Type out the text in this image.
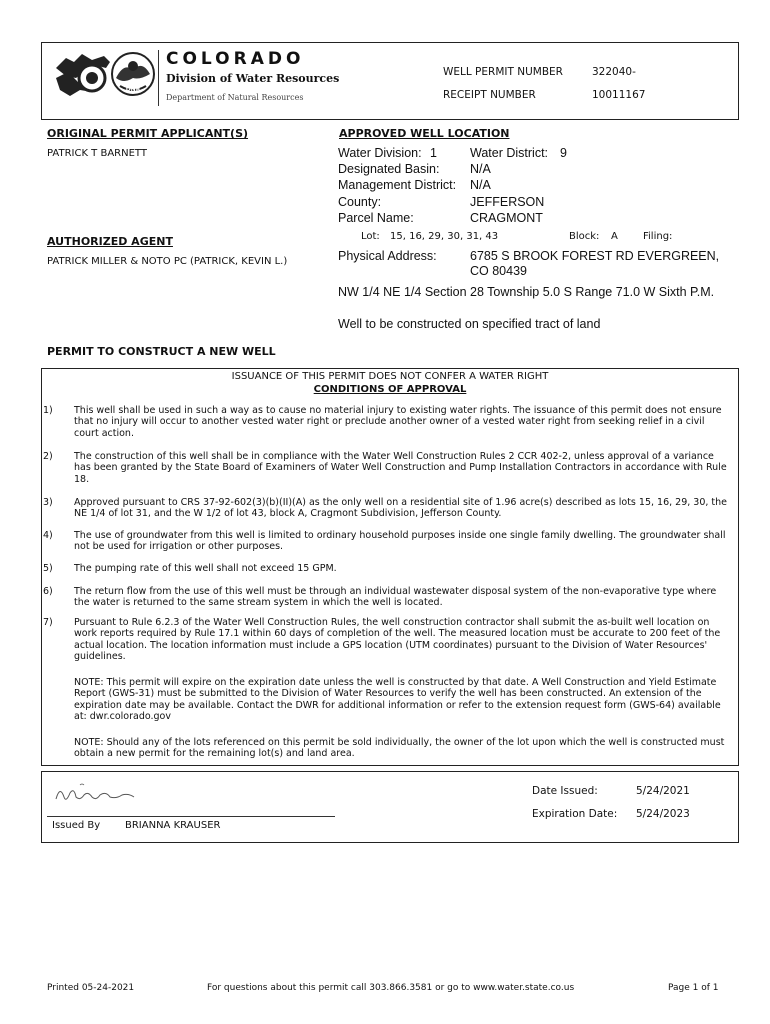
DNR
COLORADO
Division of Water Resources
Department of Natural Resources
WELL PERMIT NUMBER	322040-
RECEIPT NUMBER	10011167
ORIGINAL PERMIT APPLICANT(S)
PATRICK T BARNETT
AUTHORIZED AGENT
PATRICK MILLER & NOTO PC (PATRICK, KEVIN L.)
APPROVED WELL LOCATION
Water Division: 1	Water District: 9
Designated Basin: N/A
Management District: N/A
County:	JEFFERSON
Parcel Name:	CRAGMONT
Lot: 15, 16, 29, 30, 31, 43	Block: A	Filing:
Physical Address:	6785 S BROOK FOREST RD EVERGREEN,
CO 80439
NW 1/4 NE 1/4 Section 28 Township 5.0 S Range 71.0 W Sixth P.M.
Well to be constructed on specified tract of land
PERMIT TO CONSTRUCT A NEW WELL
ISSUANCE OF THIS PERMIT DOES NOT CONFER A WATER RIGHT
CONDITIONS OF APPROVAL
1) This well shall be used in such a way as to cause no material injury to existing water rights. The issuance of this permit does not ensure that no injury will occur to another vested water right or preclude another owner of a vested water right from seeking relief in a civil court action.
2) The construction of this well shall be in compliance with the Water Well Construction Rules 2 CCR 402-2, unless approval of a variance has been granted by the State Board of Examiners of Water Well Construction and Pump Installation Contractors in accordance with Rule 18.
3) Approved pursuant to CRS 37-92-602(3)(b)(II)(A) as the only well on a residential site of 1.96 acre(s) described as lots 15, 16, 29, 30, the NE 1/4 of lot 31, and the W 1/2 of lot 43, block A, Cragmont Subdivision, Jefferson County.
4) The use of groundwater from this well is limited to ordinary household purposes inside one single family dwelling. The groundwater shall not be used for irrigation or other purposes.
5) The pumping rate of this well shall not exceed 15 GPM.
6) The return flow from the use of this well must be through an individual wastewater disposal system of the non-evaporative type where the water is returned to the same stream system in which the well is located.
7) Pursuant to Rule 6.2.3 of the Water Well Construction Rules, the well construction contractor shall submit the as-built well location on work reports required by Rule 17.1 within 60 days of completion of the well. The measured location must be accurate to 200 feet of the actual location. The location information must include a GPS location (UTM coordinates) pursuant to the Division of Water Resources' guidelines.
NOTE: This permit will expire on the expiration date unless the well is constructed by that date. A Well Construction and Yield Estimate Report (GWS-31) must be submitted to the Division of Water Resources to verify the well has been constructed. An extension of the expiration date may be available. Contact the DWR for additional information or refer to the extension request form (GWS-64) available at: dwr.colorado.gov
NOTE: Should any of the lots referenced on this permit be sold individually, the owner of the lot upon which the well is constructed must obtain a new permit for the remaining lot(s) and land area.
Issued By BRIANNA KRAUSER
Date Issued:	5/24/2021
Expiration Date: 5/24/2023
Printed 05-24-2021	For questions about this permit call 303.866.3581 or go to www.water.state.co.us	Page 1 of 1
